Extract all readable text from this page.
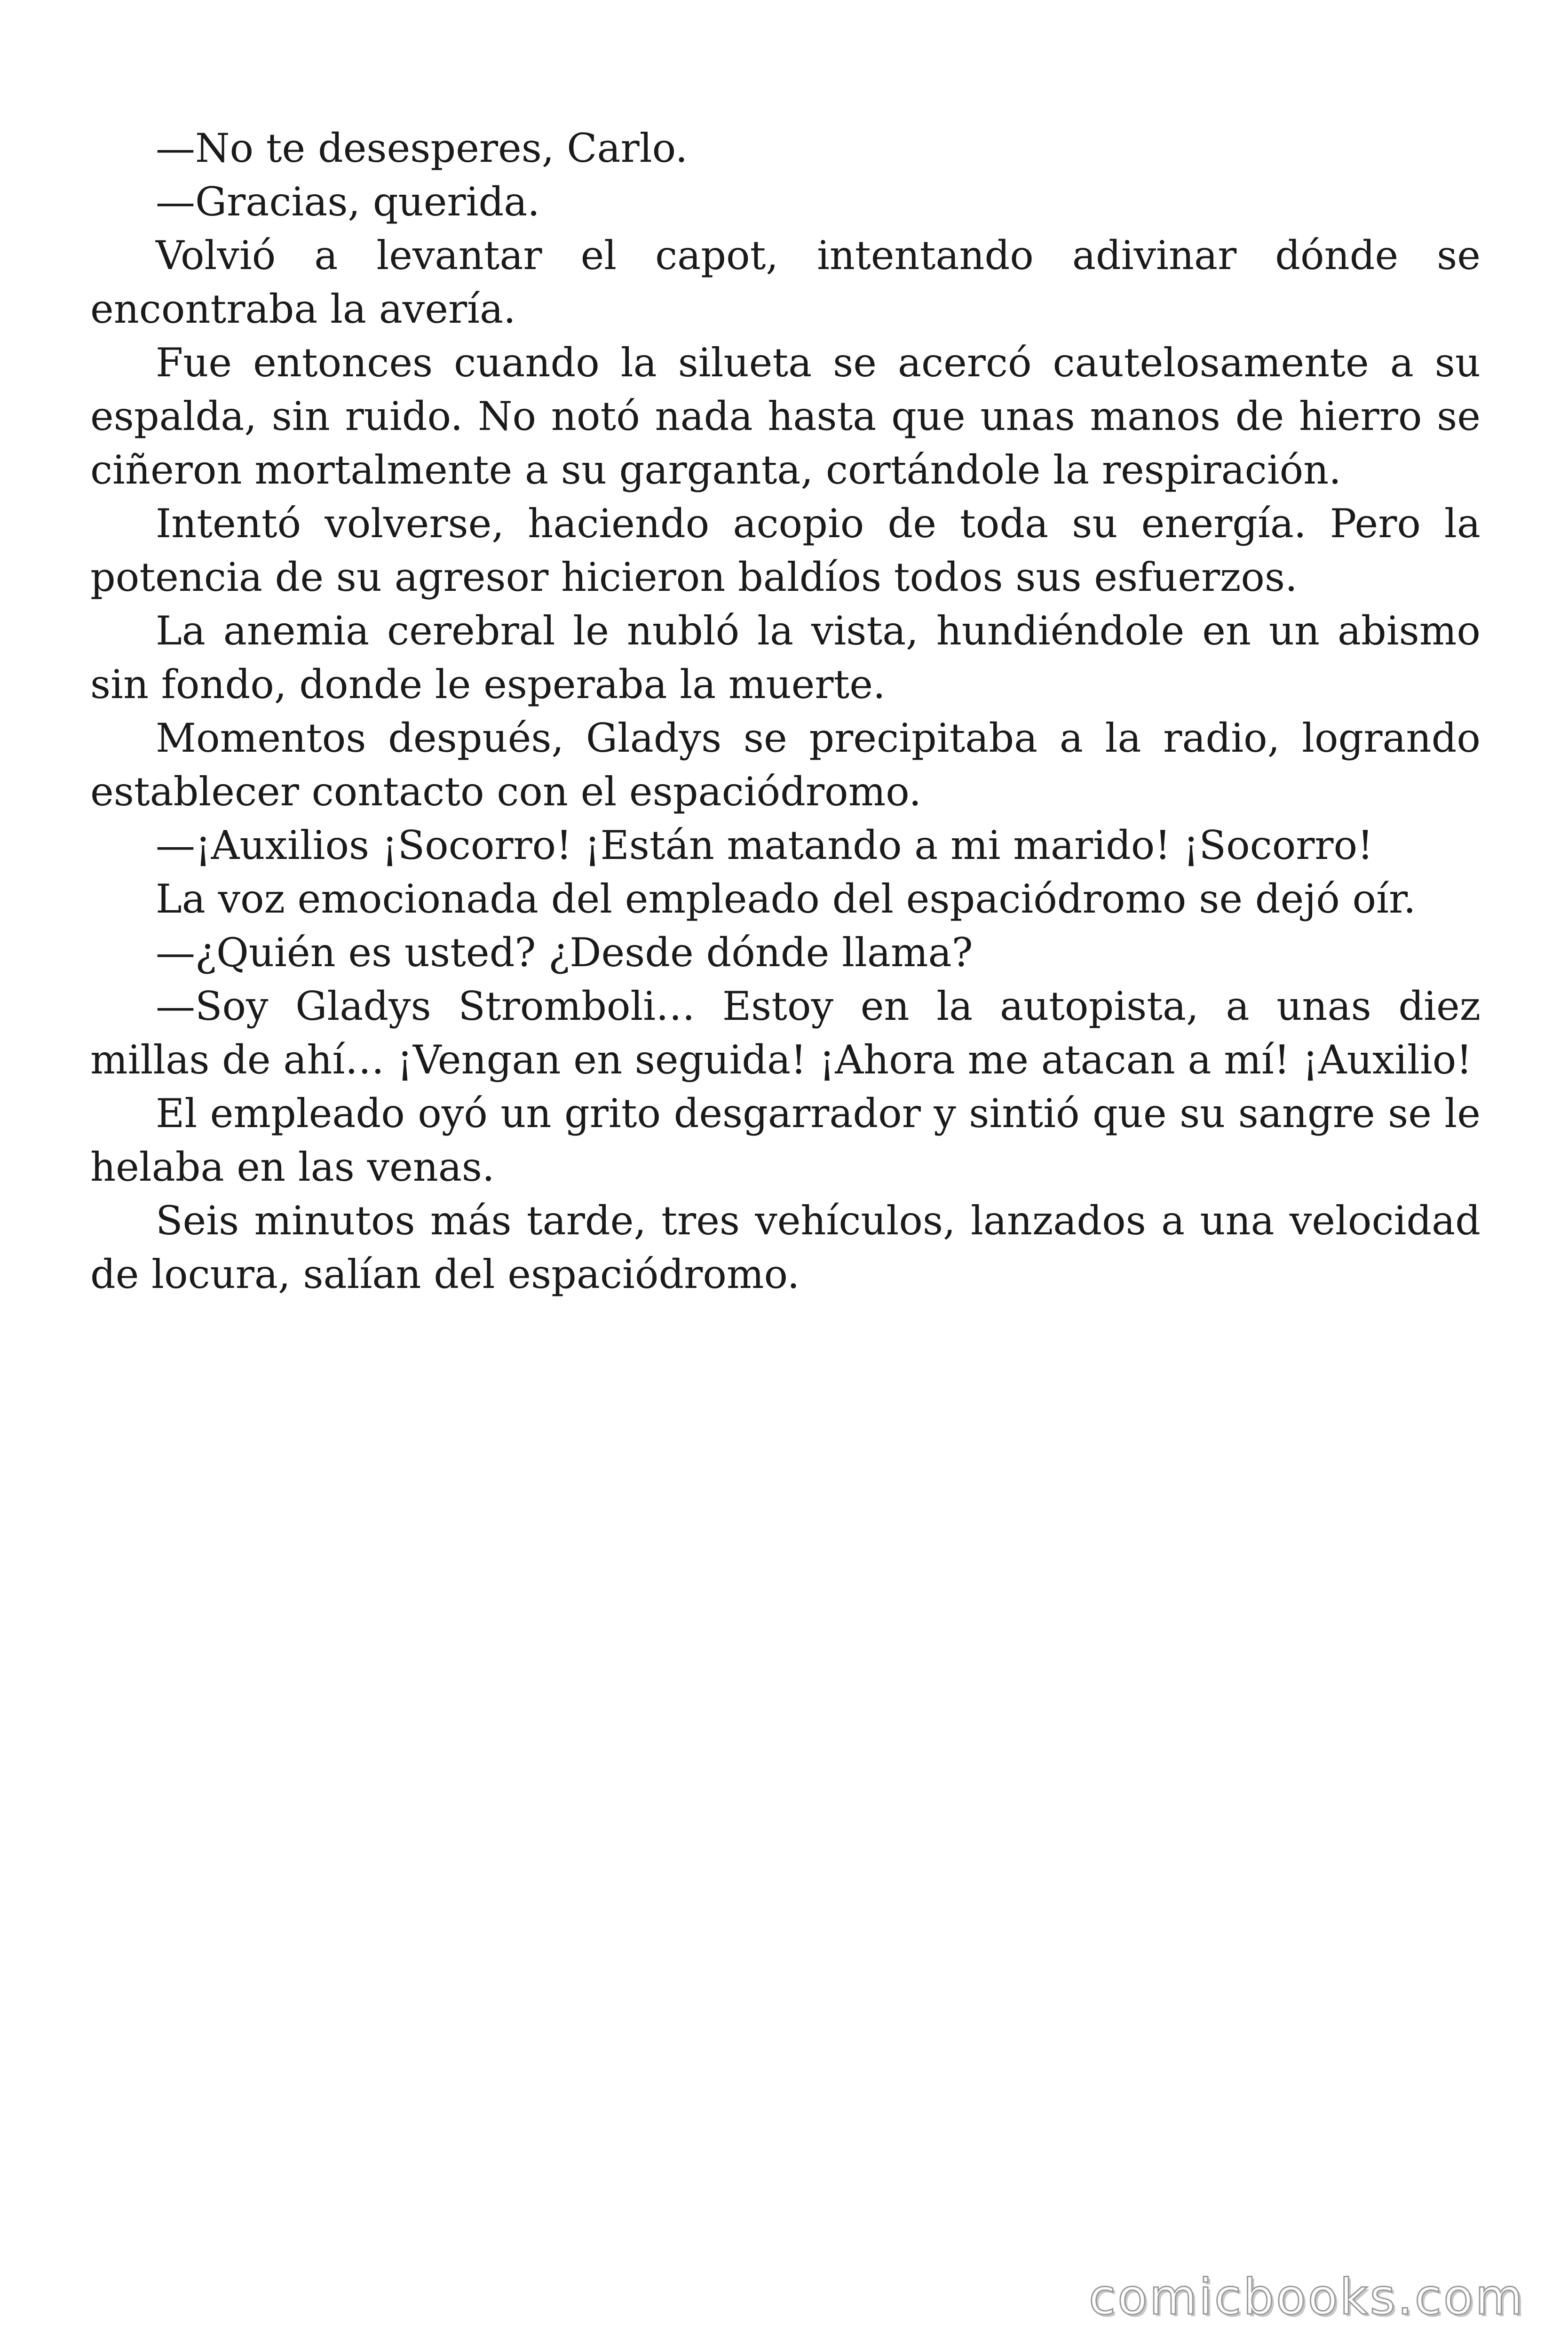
—No te desesperes, Carlo.

—Gracias, querida.

Volvió a levantar el capot, intentando adivinar dónde se encontraba la avería.

Fue entonces cuando la silueta se acercó cautelosamente a su espalda, sin ruido. No notó nada hasta que unas manos de hierro se ciñeron mortalmente a su garganta, cortándole la respiración.

Intentó volverse, haciendo acopio de toda su energía. Pero la potencia de su agresor hicieron baldíos todos sus esfuerzos.

La anemia cerebral le nubló la vista, hundiéndole en un abismo sin fondo, donde le esperaba la muerte.

Momentos después, Gladys se precipitaba a la radio, logrando establecer contacto con el espaciódromo.

—¡Auxilios ¡Socorro! ¡Están matando a mi marido! ¡Socorro!

La voz emocionada del empleado del espaciódromo se dejó oír.

—¿Quién es usted? ¿Desde dónde llama?

—Soy Gladys Stromboli… Estoy en la autopista, a unas diez millas de ahí… ¡Vengan en seguida! ¡Ahora me atacan a mí! ¡Auxilio!

El empleado oyó un grito desgarrador y sintió que su sangre se le helaba en las venas.

Seis minutos más tarde, tres vehículos, lanzados a una velocidad de locura, salían del espaciódromo.

comicbooks.com
